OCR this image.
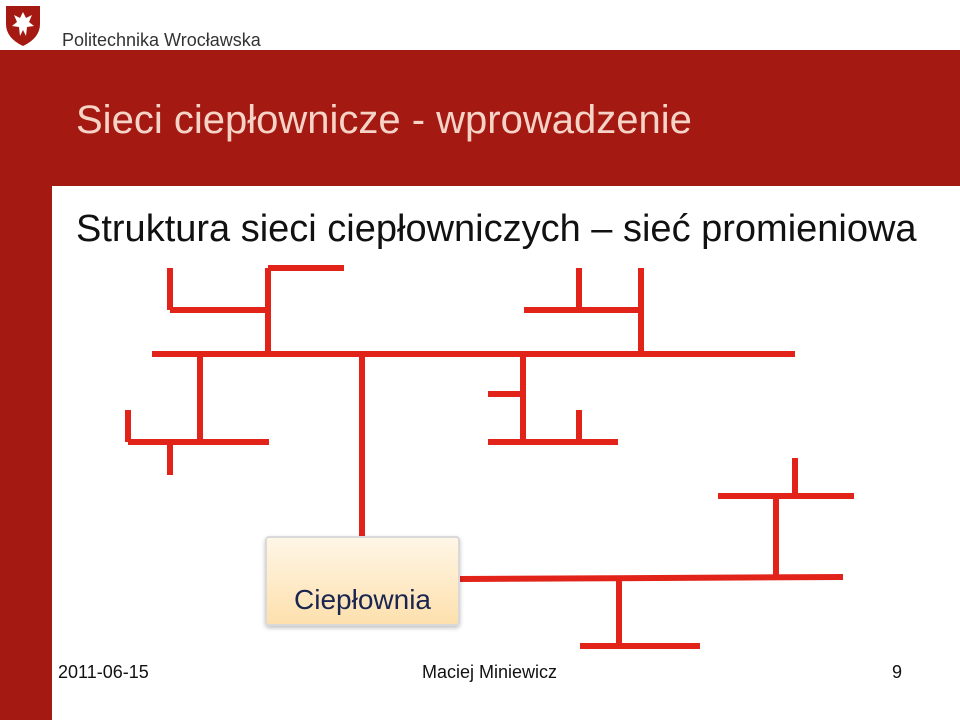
Politechnika Wrocławska
Sieci ciepłownicze - wprowadzenie
Struktura sieci ciepłowniczych – sieć promieniowa
Ciepłownia
2011-06-15	Maciej Miniewicz	9
